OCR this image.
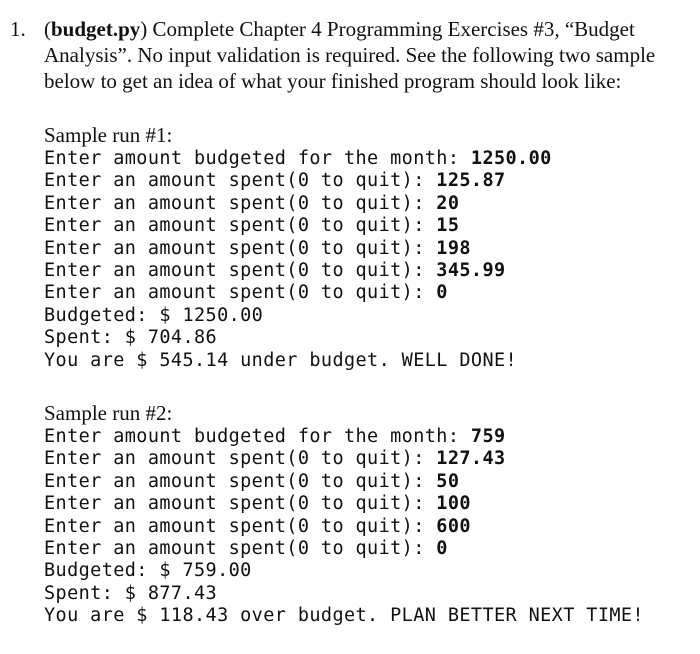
1. (budget.py) Complete Chapter 4 Programming Exercises #3, “Budget
Analysis”. No input validation is required. See the following two sample
below to get an idea of what your finished program should look like:
Sample run #1:
Enter amount budgeted for the month: 1250.00
Enter an amount spent(0 to quit): 125.87
Enter an amount spent(0 to quit): 20
Enter an amount spent(0 to quit): 15
Enter an amount spent(0 to quit): 198
Enter an amount spent(0 to quit): 345.99
Enter an amount spent(0 to quit): 0
Budgeted: $ 1250.00
Spent: $ 704.86
You are $ 545.14 under budget. WELL DONE!
Sample run #2:
Enter amount budgeted for the month: 759
Enter an amount spent(0 to quit): 127.43
Enter an amount spent(0 to quit): 50
Enter an amount spent(0 to quit): 100
Enter an amount spent(0 to quit): 600
Enter an amount spent(0 to quit): 0
Budgeted: $ 759.00
Spent: $ 877.43
You are $ 118.43 over budget. PLAN BETTER NEXT TIME!
